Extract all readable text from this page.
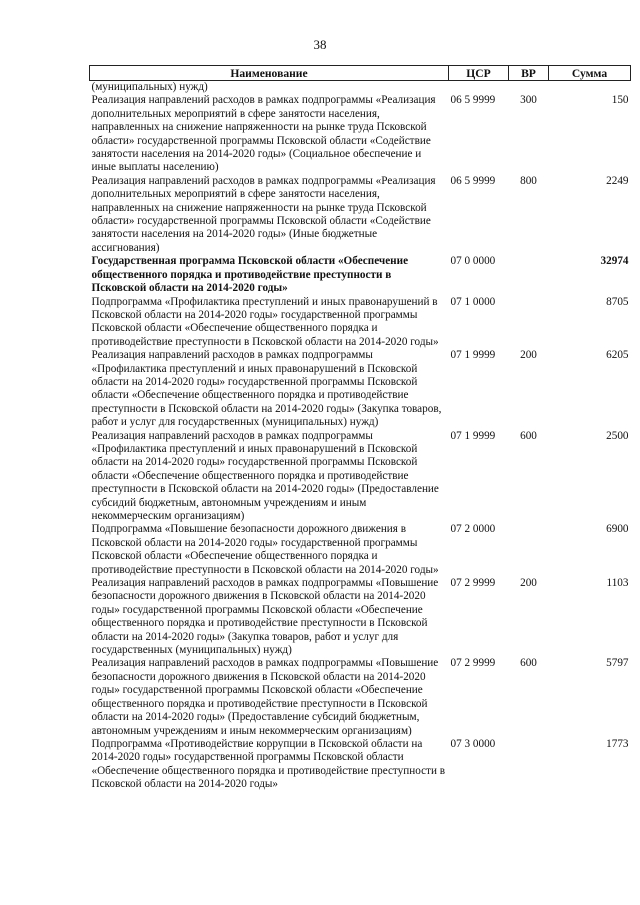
38
Наименование	ЦСР	ВР	Сумма
(муниципальных) нужд)			
Реализация направлений расходов в рамках подпрограммы «Реализация дополнительных мероприятий в сфере занятости населения, направленных на снижение напряженности на рынке труда Псковской области» государственной программы Псковской области «Содействие занятости населения на 2014-2020 годы» (Социальное обеспечение и иные выплаты населению)	06 5 9999	300	150
Реализация направлений расходов в рамках подпрограммы «Реализация дополнительных мероприятий в сфере занятости населения, направленных на снижение напряженности на рынке труда Псковской области» государственной программы Псковской области «Содействие занятости населения на 2014-2020 годы» (Иные бюджетные ассигнования)	06 5 9999	800	2249
Государственная программа Псковской области «Обеспечение общественного порядка и противодействие преступности в Псковской области на 2014-2020 годы»	07 0 0000		32974
Подпрограмма «Профилактика преступлений и иных правонарушений в Псковской области на 2014-2020 годы» государственной программы Псковской области «Обеспечение общественного порядка и противодействие преступности в Псковской области на 2014-2020 годы»	07 1 0000		8705
Реализация направлений расходов в рамках подпрограммы «Профилактика преступлений и иных правонарушений в Псковской области на 2014-2020 годы» государственной программы Псковской области «Обеспечение общественного порядка и противодействие преступности в Псковской области на 2014-2020 годы» (Закупка товаров, работ и услуг для государственных (муниципальных) нужд)	07 1 9999	200	6205
Реализация направлений расходов в рамках подпрограммы «Профилактика преступлений и иных правонарушений в Псковской области на 2014-2020 годы» государственной программы Псковской области «Обеспечение общественного порядка и противодействие преступности в Псковской области на 2014-2020 годы» (Предоставление субсидий бюджетным, автономным учреждениям и иным некоммерческим организациям)	07 1 9999	600	2500
Подпрограмма «Повышение безопасности дорожного движения в Псковской области на 2014-2020 годы» государственной программы Псковской области «Обеспечение общественного порядка и противодействие преступности в Псковской области на 2014-2020 годы»	07 2 0000		6900
Реализация направлений расходов в рамках подпрограммы «Повышение безопасности дорожного движения в Псковской области на 2014-2020 годы» государственной программы Псковской области «Обеспечение общественного порядка и противодействие преступности в Псковской области на 2014-2020 годы» (Закупка товаров, работ и услуг для государственных (муниципальных) нужд)	07 2 9999	200	1103
Реализация направлений расходов в рамках подпрограммы «Повышение безопасности дорожного движения в Псковской области на 2014-2020 годы» государственной программы Псковской области «Обеспечение общественного порядка и противодействие преступности в Псковской области на 2014-2020 годы» (Предоставление субсидий бюджетным, автономным учреждениям и иным некоммерческим организациям)	07 2 9999	600	5797
Подпрограмма «Противодействие коррупции в Псковской области на 2014-2020 годы» государственной программы Псковской области «Обеспечение общественного порядка и противодействие преступности в Псковской области на 2014-2020 годы»	07 3 0000		1773
